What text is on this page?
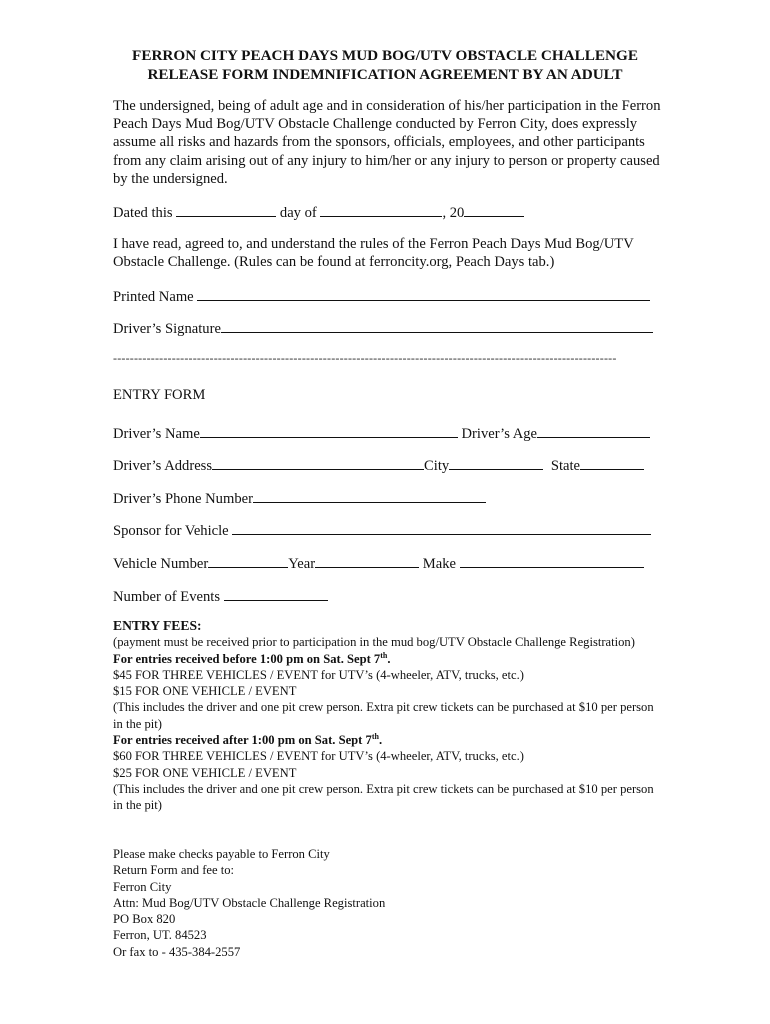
FERRON CITY PEACH DAYS MUD BOG/UTV OBSTACLE CHALLENGE
RELEASE FORM INDEMNIFICATION AGREEMENT BY AN ADULT
The undersigned, being of adult age and in consideration of his/her participation in the Ferron Peach Days Mud Bog/UTV Obstacle Challenge conducted by Ferron City, does expressly assume all risks and hazards from the sponsors, officials, employees, and other participants from any claim arising out of any injury to him/her or any injury to person or property caused by the undersigned.
Dated this	day of	, 20
I have read, agreed to, and understand the rules of the Ferron Peach Days Mud Bog/UTV Obstacle Challenge. (Rules can be found at ferroncity.org, Peach Days tab.)
Printed Name
Driver’s Signature
------------------------------------------------------------------------------------------------------------------------
ENTRY FORM
Driver’s Name	Driver’s Age
Driver’s Address	City	State
Driver’s Phone Number
Sponsor for Vehicle
Vehicle Number	Year	Make
Number of Events
ENTRY FEES:
(payment must be received prior to participation in the mud bog/UTV Obstacle Challenge Registration)
For entries received before 1:00 pm on Sat. Sept 7th.
$45 FOR THREE VEHICLES / EVENT for UTV’s (4-wheeler, ATV, trucks, etc.)
$15 FOR ONE VEHICLE / EVENT
(This includes the driver and one pit crew person. Extra pit crew tickets can be purchased at $10 per person in the pit)
For entries received after 1:00 pm on Sat. Sept 7th.
$60 FOR THREE VEHICLES / EVENT for UTV’s (4-wheeler, ATV, trucks, etc.)
$25 FOR ONE VEHICLE / EVENT
(This includes the driver and one pit crew person. Extra pit crew tickets can be purchased at $10 per person in the pit)
Please make checks payable to Ferron City
Return Form and fee to:
Ferron City
Attn: Mud Bog/UTV Obstacle Challenge Registration
PO Box 820
Ferron, UT. 84523
Or fax to - 435-384-2557
